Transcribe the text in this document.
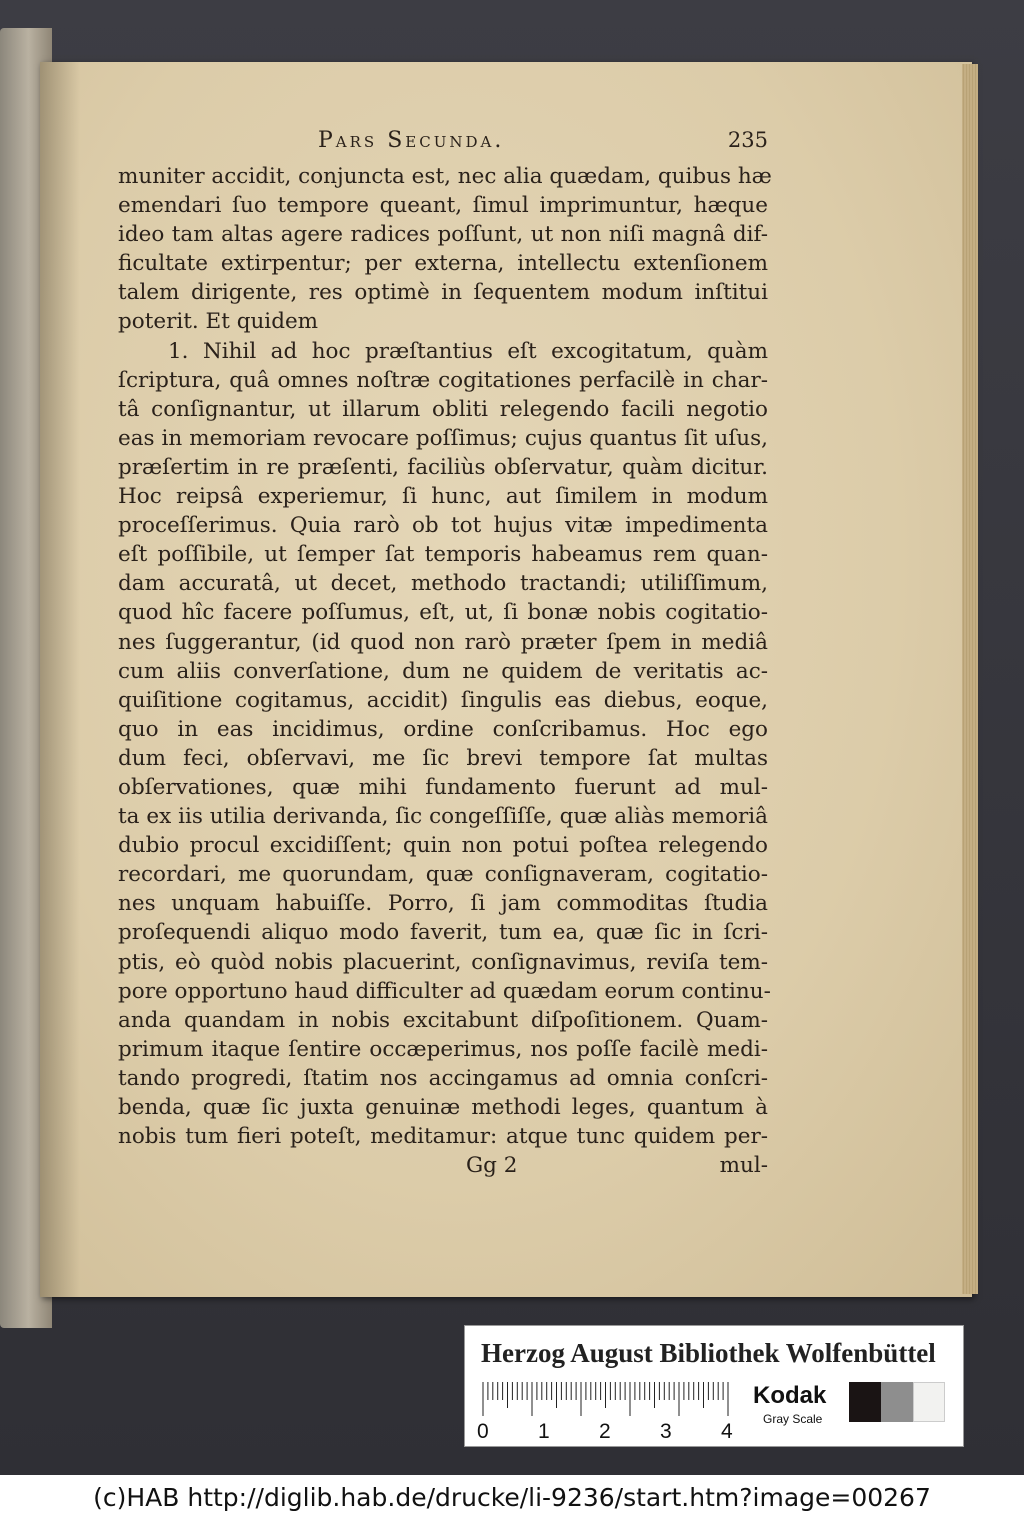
Pars Secunda.	235
muniter accidit, conjuncta est, nec alia quædam, quibus hæ
emendari ſuo tempore queant, ſimul imprimuntur, hæque
ideo tam altas agere radices poſſunt, ut non niſi magnâ dif-
ficultate extirpentur; per externa, intellectu extenſionem
talem dirigente, res optimè in ſequentem modum inſtitui
poterit. Et quidem
1. Nihil ad hoc præſtantius eſt excogitatum, quàm
ſcriptura, quâ omnes noſtræ cogitationes perfacilè in char-
tâ conſignantur, ut illarum obliti relegendo facili negotio
eas in memoriam revocare poſſimus; cujus quantus ſit uſus,
præſertim in re præſenti, faciliùs obſervatur, quàm dicitur.
Hoc reipsâ experiemur, ſi hunc, aut ſimilem in modum
proceſſerimus. Quia rarò ob tot hujus vitæ impedimenta
eſt poſſibile, ut ſemper ſat temporis habeamus rem quan-
dam accuratâ, ut decet, methodo tractandi; utiliſſimum,
quod hîc facere poſſumus, eſt, ut, ſi bonæ nobis cogitatio-
nes ſuggerantur, (id quod non rarò præter ſpem in mediâ
cum aliis converſatione, dum ne quidem de veritatis ac-
quiſitione cogitamus, accidit) ſingulis eas diebus, eoque,
quo in eas incidimus, ordine conſcribamus. Hoc ego
dum feci, obſervavi, me ſic brevi tempore ſat multas
obſervationes, quæ mihi fundamento fuerunt ad mul-
ta ex iis utilia derivanda, ſic congeſſiſſe, quæ aliàs memoriâ
dubio procul excidiſſent; quin non potui poſtea relegendo
recordari, me quorundam, quæ conſignaveram, cogitatio-
nes unquam habuiſſe. Porro, ſi jam commoditas ſtudia
proſequendi aliquo modo faverit, tum ea, quæ ſic in ſcri-
ptis, eò quòd nobis placuerint, conſignavimus, reviſa tem-
pore opportuno haud difficulter ad quædam eorum continu-
anda quandam in nobis excitabunt diſpoſitionem. Quam-
primum itaque ſentire occæperimus, nos poſſe facilè medi-
tando progredi, ſtatim nos accingamus ad omnia conſcri-
benda, quæ ſic juxta genuinæ methodi leges, quantum à
nobis tum fieri poteſt, meditamur: atque tunc quidem per-
Gg 2	mul-
Herzog August Bibliothek Wolfenbüttel
0 1 2 3 4
Kodak
Gray Scale
(c)HAB http://diglib.hab.de/drucke/li-9236/start.htm?image=00267
